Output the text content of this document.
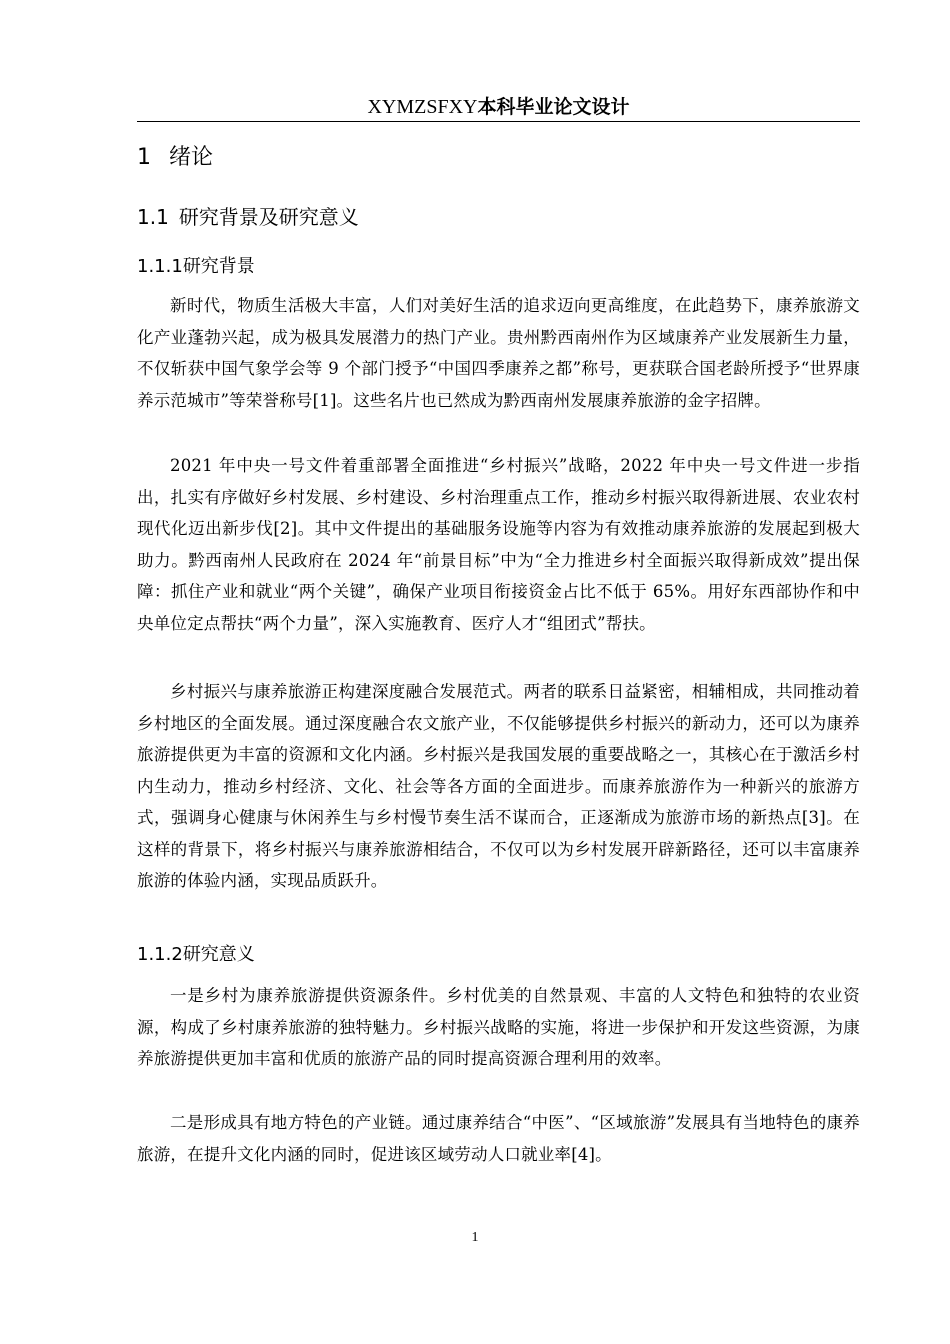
XYMZSFXY本科毕业论文设计
1 绪论
1.1 研究背景及研究意义
1.1.1研究背景

新时代，物质生活极大丰富，人们对美好生活的追求迈向更高维度，在此趋势下，康养旅游文化产业蓬勃兴起，成为极具发展潜力的热门产业。贵州黔西南州作为区域康养产业发展新生力量，不仅斩获中国气象学会等 9 个部门授予“中国四季康养之都”称号，更获联合国老龄所授予“世界康养示范城市”等荣誉称号[1]。这些名片也已然成为黔西南州发展康养旅游的金字招牌。

2021 年中央一号文件着重部署全面推进“乡村振兴”战略，2022 年中央一号文件进一步指出，扎实有序做好乡村发展、乡村建设、乡村治理重点工作，推动乡村振兴取得新进展、农业农村现代化迈出新步伐[2]。其中文件提出的基础服务设施等内容为有效推动康养旅游的发展起到极大助力。黔西南州人民政府在 2024 年“前景目标”中为“全力推进乡村全面振兴取得新成效”提出保障：抓住产业和就业“两个关键”，确保产业项目衔接资金占比不低于 65%。用好东西部协作和中央单位定点帮扶“两个力量”，深入实施教育、医疗人才“组团式”帮扶。

乡村振兴与康养旅游正构建深度融合发展范式。两者的联系日益紧密，相辅相成，共同推动着乡村地区的全面发展。通过深度融合农文旅产业，不仅能够提供乡村振兴的新动力，还可以为康养旅游提供更为丰富的资源和文化内涵。乡村振兴是我国发展的重要战略之一，其核心在于激活乡村内生动力，推动乡村经济、文化、社会等各方面的全面进步。而康养旅游作为一种新兴的旅游方式，强调身心健康与休闲养生与乡村慢节奏生活不谋而合，正逐渐成为旅游市场的新热点[3]。在这样的背景下，将乡村振兴与康养旅游相结合，不仅可以为乡村发展开辟新路径，还可以丰富康养旅游的体验内涵，实现品质跃升。

1.1.2研究意义

一是乡村为康养旅游提供资源条件。乡村优美的自然景观、丰富的人文特色和独特的农业资源，构成了乡村康养旅游的独特魅力。乡村振兴战略的实施，将进一步保护和开发这些资源，为康养旅游提供更加丰富和优质的旅游产品的同时提高资源合理利用的效率。

二是形成具有地方特色的产业链。通过康养结合“中医”、“区域旅游”发展具有当地特色的康养旅游，在提升文化内涵的同时，促进该区域劳动人口就业率[4]。

1
